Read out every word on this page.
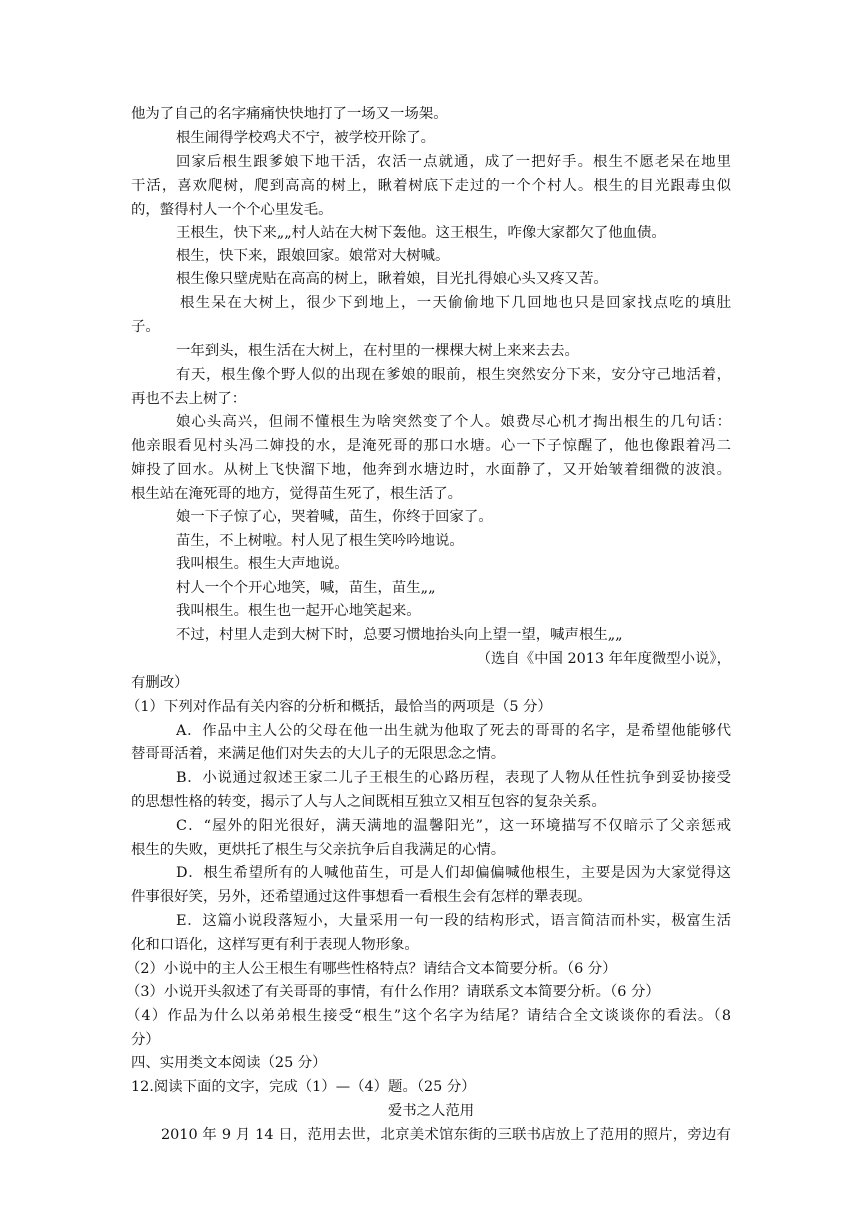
他为了自己的名字痛痛快快地打了一场又一场架。
根生闹得学校鸡犬不宁，被学校开除了。
回家后根生跟爹娘下地干活，农活一点就通，成了一把好手。根生不愿老呆在地里
干活，喜欢爬树，爬到高高的树上，瞅着树底下走过的一个个村人。根生的目光跟毒虫似
的，螫得村人一个个心里发毛。
王根生，快下来„„村人站在大树下轰他。这王根生，咋像大家都欠了他血债。
根生，快下来，跟娘回家。娘常对大树喊。
根生像只壁虎贴在高高的树上，瞅着娘，目光扎得娘心头又疼又苦。
根生呆在大树上，很少下到地上，一天偷偷地下几回地也只是回家找点吃的填肚
子。
一年到头，根生活在大树上，在村里的一棵棵大树上来来去去。
有天，根生像个野人似的出现在爹娘的眼前，根生突然安分下来，安分守己地活着，
再也不去上树了：
娘心头高兴，但闹不懂根生为啥突然变了个人。娘费尽心机才掏出根生的几句话：
他亲眼看见村头冯二婶投的水，是淹死哥的那口水塘。心一下子惊醒了，他也像跟着冯二
婶投了回水。从树上飞快溜下地，他奔到水塘边时，水面静了，又开始皱着细微的波浪。
根生站在淹死哥的地方，觉得苗生死了，根生活了。
娘一下子惊了心，哭着喊，苗生，你终于回家了。
苗生，不上树啦。村人见了根生笑吟吟地说。
我叫根生。根生大声地说。
村人一个个开心地笑，喊，苗生，苗生„„
我叫根生。根生也一起开心地笑起来。
不过，村里人走到大树下时，总要习惯地抬头向上望一望，喊声根生„„
（选自《中国 2013 年年度微型小说》，
有删改）
（1）下列对作品有关内容的分析和概括，最恰当的两项是（5 分）
A．作品中主人公的父母在他一出生就为他取了死去的哥哥的名字，是希望他能够代
替哥哥活着，来满足他们对失去的大儿子的无限思念之情。
B．小说通过叙述王家二儿子王根生的心路历程，表现了人物从任性抗争到妥协接受
的思想性格的转变，揭示了人与人之间既相互独立又相互包容的复杂关系。
C．“屋外的阳光很好，满天满地的温馨阳光”，这一环境描写不仅暗示了父亲惩戒
根生的失败，更烘托了根生与父亲抗争后自我满足的心情。
D．根生希望所有的人喊他苗生，可是人们却偏偏喊他根生，主要是因为大家觉得这
件事很好笑，另外，还希望通过这件事想看一看根生会有怎样的犟表现。
E．这篇小说段落短小，大量采用一句一段的结构形式，语言简洁而朴实，极富生活
化和口语化，这样写更有利于表现人物形象。
（2）小说中的主人公王根生有哪些性格特点？请结合文本简要分析。（6 分）
（3）小说开头叙述了有关哥哥的事情，有什么作用？请联系文本简要分析。（6 分）
（4）作品为什么以弟弟根生接受“根生”这个名字为结尾？请结合全文谈谈你的看法。（8
分）
四、实用类文本阅读（25 分）
12.阅读下面的文字，完成（1）—（4）题。（25 分）
爱书之人范用
2010 年 9 月 14 日，范用去世，北京美术馆东街的三联书店放上了范用的照片，旁边有
